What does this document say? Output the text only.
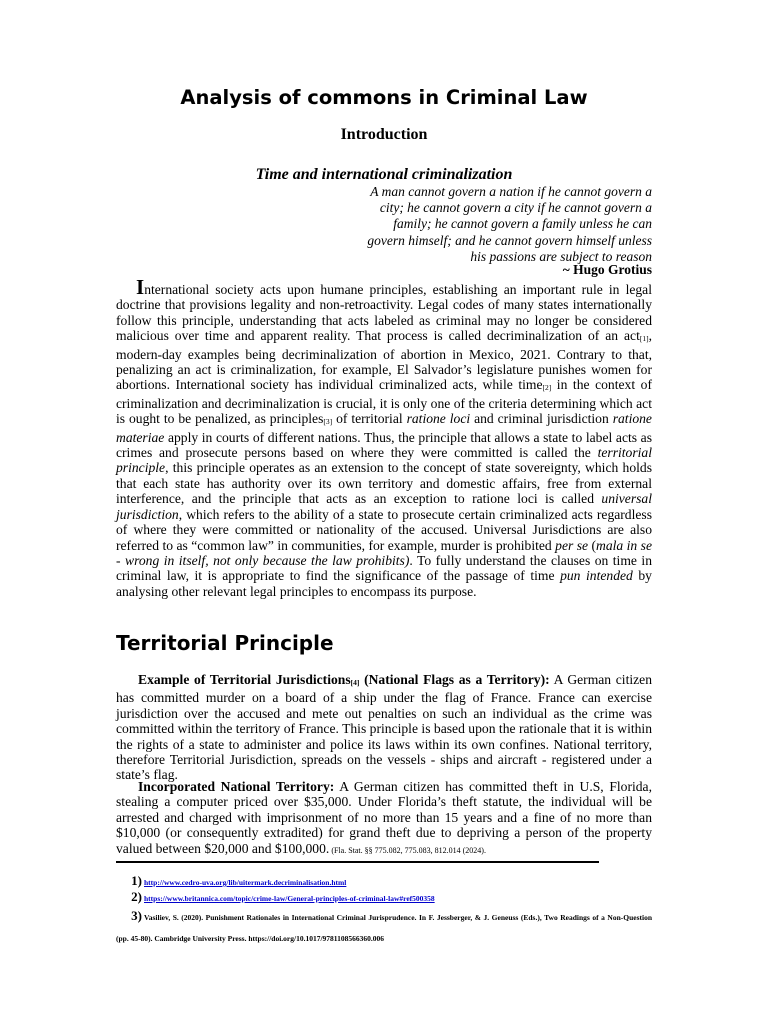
Analysis of commons in Criminal Law
Introduction
Time and international criminalization
A man cannot govern a nation if he cannot govern a
city; he cannot govern a city if he cannot govern a
family; he cannot govern a family unless he can
govern himself; and he cannot govern himself unless
his passions are subject to reason
~ Hugo Grotius

International society acts upon humane principles, establishing an important rule in legal doctrine that provisions legality and non-retroactivity. Legal codes of many states internationally follow this principle, understanding that acts labeled as criminal may no longer be considered malicious over time and apparent reality. That process is called decriminalization of an act$_{[1]}$, modern-day examples being decriminalization of abortion in Mexico, 2021. Contrary to that, penalizing an act is criminalization, for example, El Salvador’s legislature punishes women for abortions. International society has individual criminalized acts, while time$_{[2]}$ in the context of criminalization and decriminalization is crucial, it is only one of the criteria determining which act is ought to be penalized, as principles$_{[3]}$ of territorial ratione loci and criminal jurisdiction ratione materiae apply in courts of different nations. Thus, the principle that allows a state to label acts as crimes and prosecute persons based on where they were committed is called the territorial principle, this principle operates as an extension to the concept of state sovereignty, which holds that each state has authority over its own territory and domestic affairs, free from external interference, and the principle that acts as an exception to ratione loci is called universal jurisdiction, which refers to the ability of a state to prosecute certain criminalized acts regardless of where they were committed or nationality of the accused. Universal Jurisdictions are also referred to as “common law” in communities, for example, murder is prohibited per se (mala in se - wrong in itself, not only because the law prohibits). To fully understand the clauses on time in criminal law, it is appropriate to find the significance of the passage of time pun intended by analysing other relevant legal principles to encompass its purpose.

Territorial Principle

Example of Territorial Jurisdictions$_{[4]}$ (National Flags as a Territory): A German citizen has committed murder on a board of a ship under the flag of France. France can exercise jurisdiction over the accused and mete out penalties on such an individual as the crime was committed within the territory of France. This principle is based upon the rationale that it is within the rights of a state to administer and police its laws within its own confines. National territory, therefore Territorial Jurisdiction, spreads on the vessels - ships and aircraft - registered under a state’s flag.

Incorporated National Territory: A German citizen has committed theft in U.S, Florida, stealing a computer priced over $35,000. Under Florida’s theft statute, the individual will be arrested and charged with imprisonment of no more than 15 years and a fine of no more than $10,000 (or consequently extradited) for grand theft due to depriving a person of the property valued between $20,000 and $100,000. (Fla. Stat. §§ 775.082, 775.083, 812.014 (2024).

1) http://www.cedro-uva.org/lib/uitermark.decriminalisation.html
2) https://www.britannica.com/topic/crime-law/General-principles-of-criminal-law#ref500358
3) Vasiliev, S. (2020). Punishment Rationales in International Criminal Jurisprudence. In F. Jessberger, & J. Geneuss (Eds.), Two Readings of a Non-Question (pp. 45-80). Cambridge University Press. https://doi.org/10.1017/9781108566360.006
